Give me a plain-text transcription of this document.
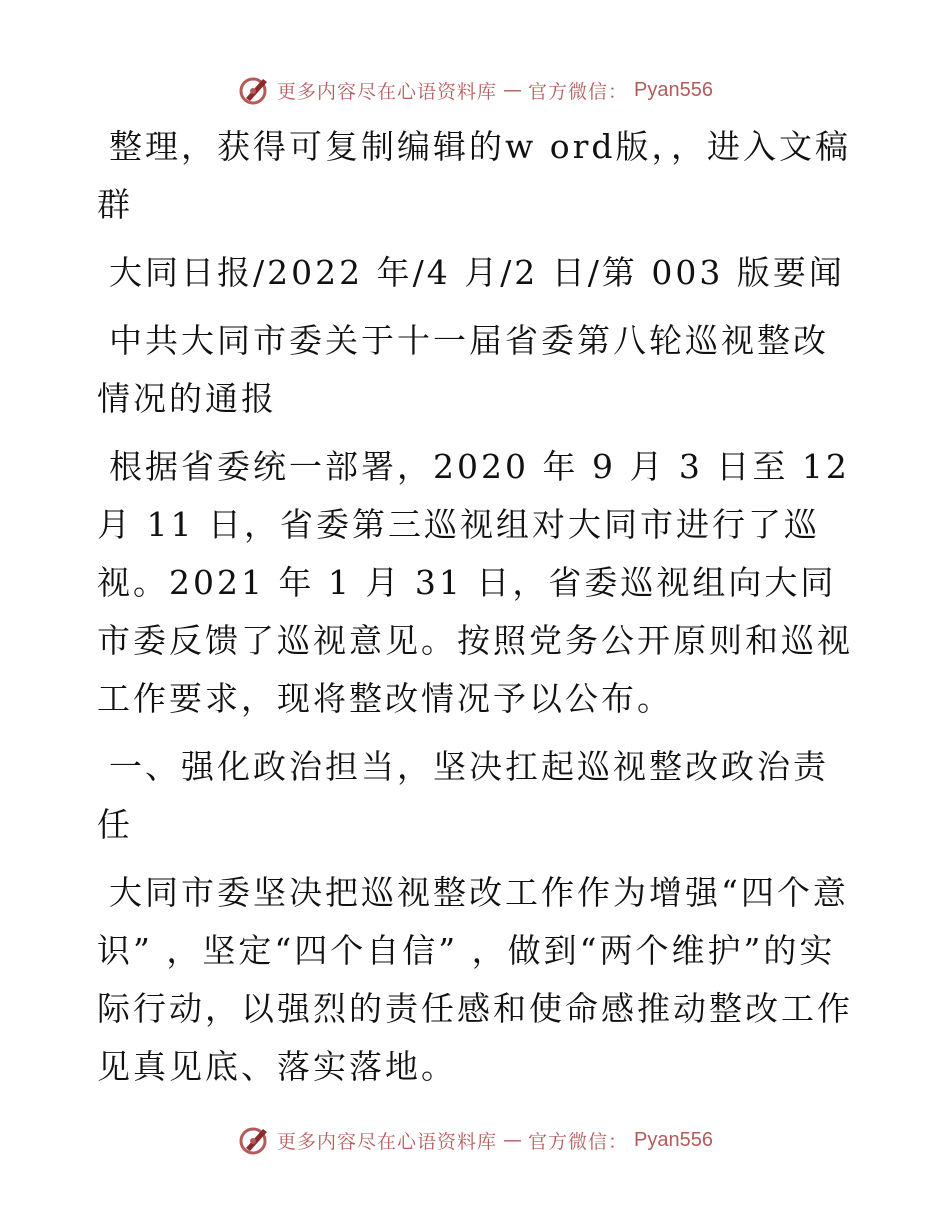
更多内容尽在心语资料库 — 官方微信： Pyan556

整理，获得可复制编辑的w ord版，，进入文稿群

大同日报/2022 年/4 月/2 日/第 003 版要闻

中共大同市委关于十一届省委第八轮巡视整改情况的通报

根据省委统一部署，2020 年 9 月 3 日至 12 月 11 日，省委第三巡视组对大同市进行了巡视。2021 年 1 月 31 日，省委巡视组向大同市委反馈了巡视意见。按照党务公开原则和巡视工作要求，现将整改情况予以公布。

一、强化政治担当，坚决扛起巡视整改政治责任

大同市委坚决把巡视整改工作作为增强“四个意识” ，坚定“四个自信” ，做到“两个维护”的实际行动，以强烈的责任感和使命感推动整改工作见真见底、落实落地。

更多内容尽在心语资料库 — 官方微信： Pyan556
